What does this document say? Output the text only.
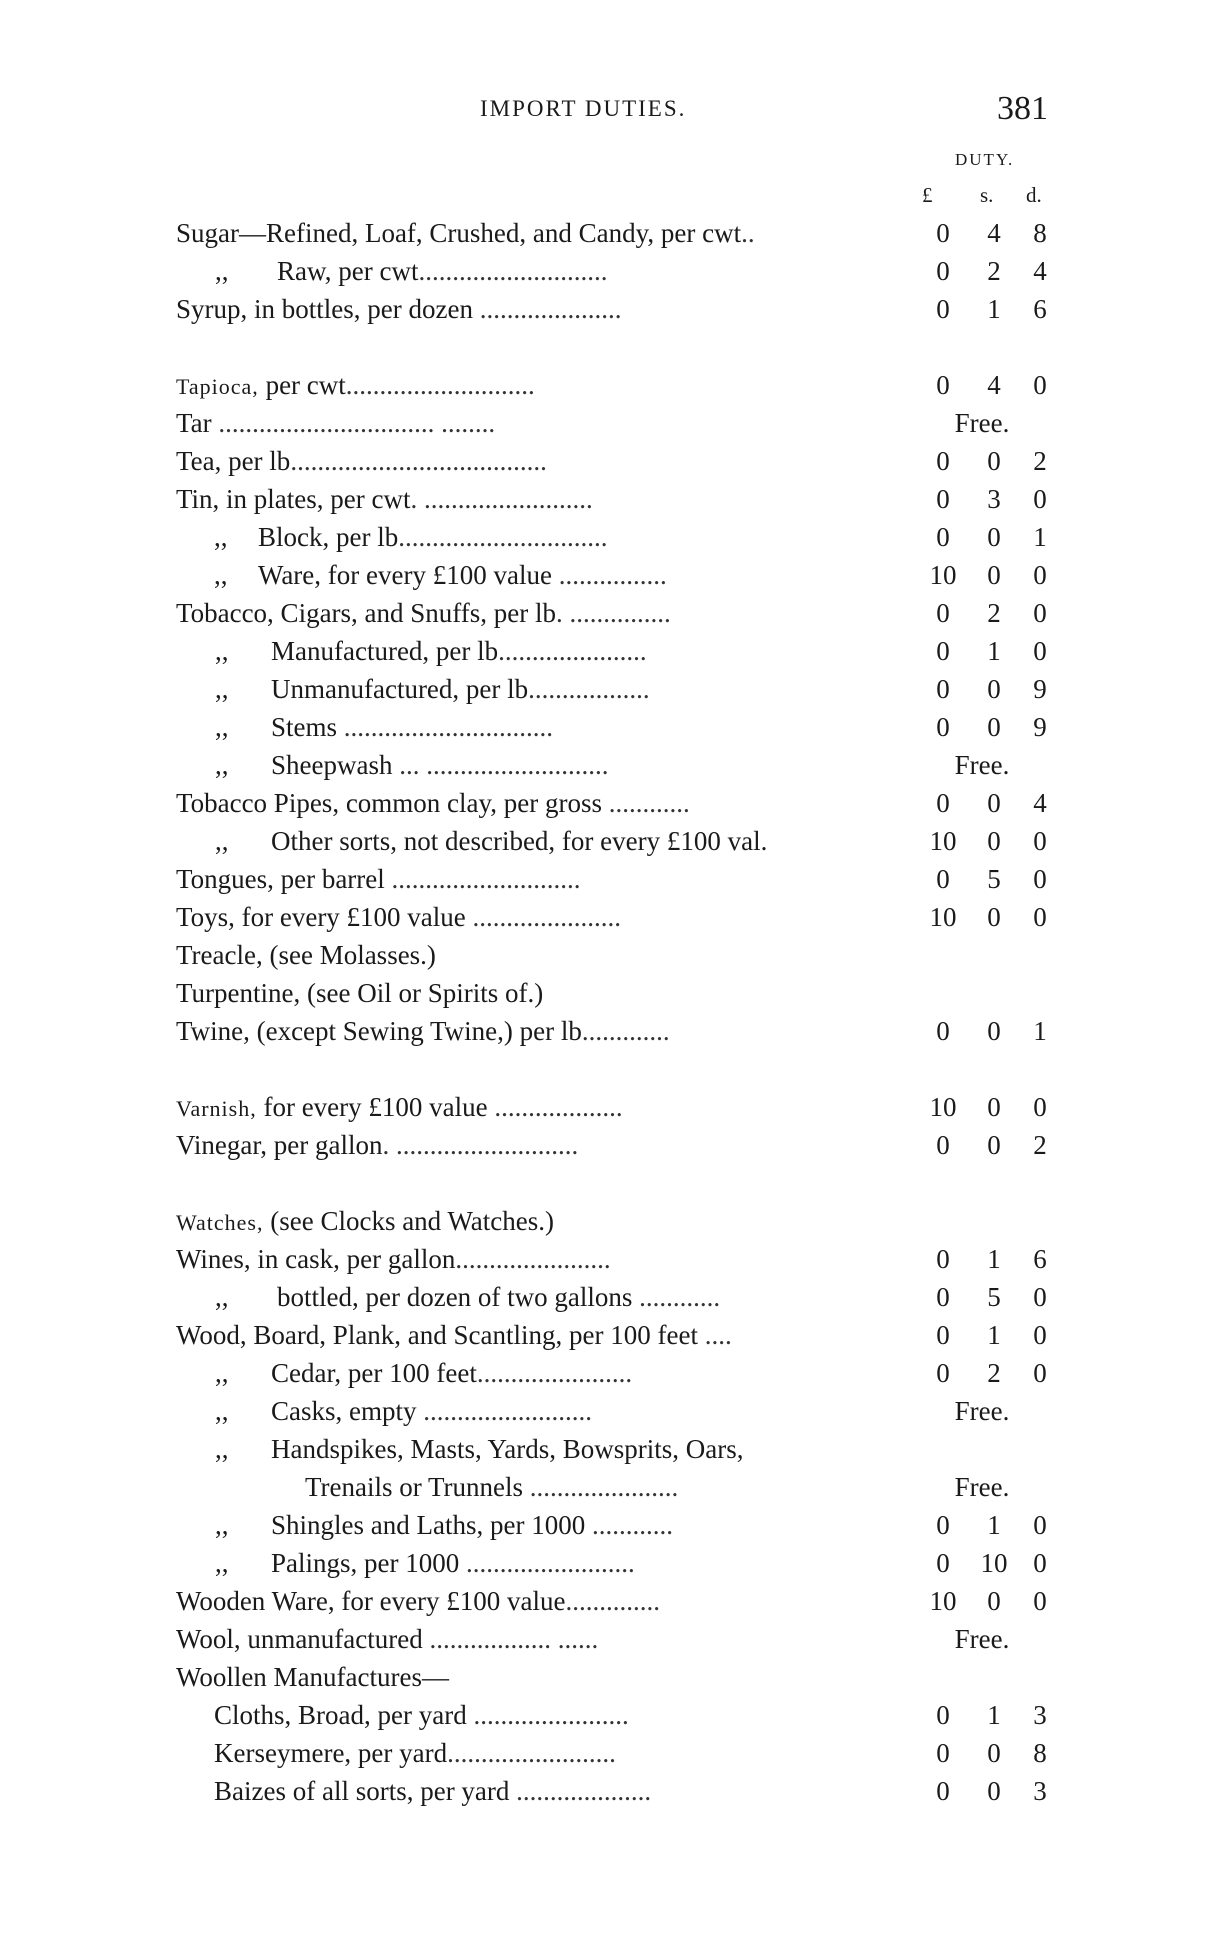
IMPORT DUTIES.	381
DUTY.
£ s. d.
Sugar—Refined, Loaf, Crushed, and Candy, per cwt..	0	4	8
,, Raw, per cwt............................	0	2	4
Syrup, in bottles, per dozen .....................	0	1	6
Tapioca, per cwt............................	0	4	0
Tar ................................ ........	Free.
Tea, per lb......................................	0	0	2
Tin, in plates, per cwt. .........................	0	3	0
,, Block, per lb...............................	0	0	1
,, Ware, for every £100 value ................	10	0	0
Tobacco, Cigars, and Snuffs, per lb. ...............	0	2	0
,, Manufactured, per lb......................	0	1	0
,, Unmanufactured, per lb..................	0	0	9
,, Stems ...............................	0	0	9
,, Sheepwash ... ...........................	Free.
Tobacco Pipes, common clay, per gross ............	0	0	4
,, Other sorts, not described, for every £100 val.	10	0	0
Tongues, per barrel ............................	0	5	0
Toys, for every £100 value ......................	10	0	0
Treacle, (see Molasses.)
Turpentine, (see Oil or Spirits of.)
Twine, (except Sewing Twine,) per lb.............	0	0	1
Varnish, for every £100 value ...................	10	0	0
Vinegar, per gallon. ...........................	0	0	2
Watches, (see Clocks and Watches.)
Wines, in cask, per gallon.......................	0	1	6
,, bottled, per dozen of two gallons ............	0	5	0
Wood, Board, Plank, and Scantling, per 100 feet ....	0	1	0
,, Cedar, per 100 feet.......................	0	2	0
,, Casks, empty .........................	Free.
,, Handspikes, Masts, Yards, Bowsprits, Oars,
Trenails or Trunnels ......................	Free.
,, Shingles and Laths, per 1000 ............	0	1	0
,, Palings, per 1000 .........................	0	10 0
Wooden Ware, for every £100 value..............	10	0	0
Wool, unmanufactured .................. ......	Free.
Woollen Manufactures—
Cloths, Broad, per yard .......................	0	1	3
Kerseymere, per yard.........................	0	0	8
Baizes of all sorts, per yard ....................	0	0	3
